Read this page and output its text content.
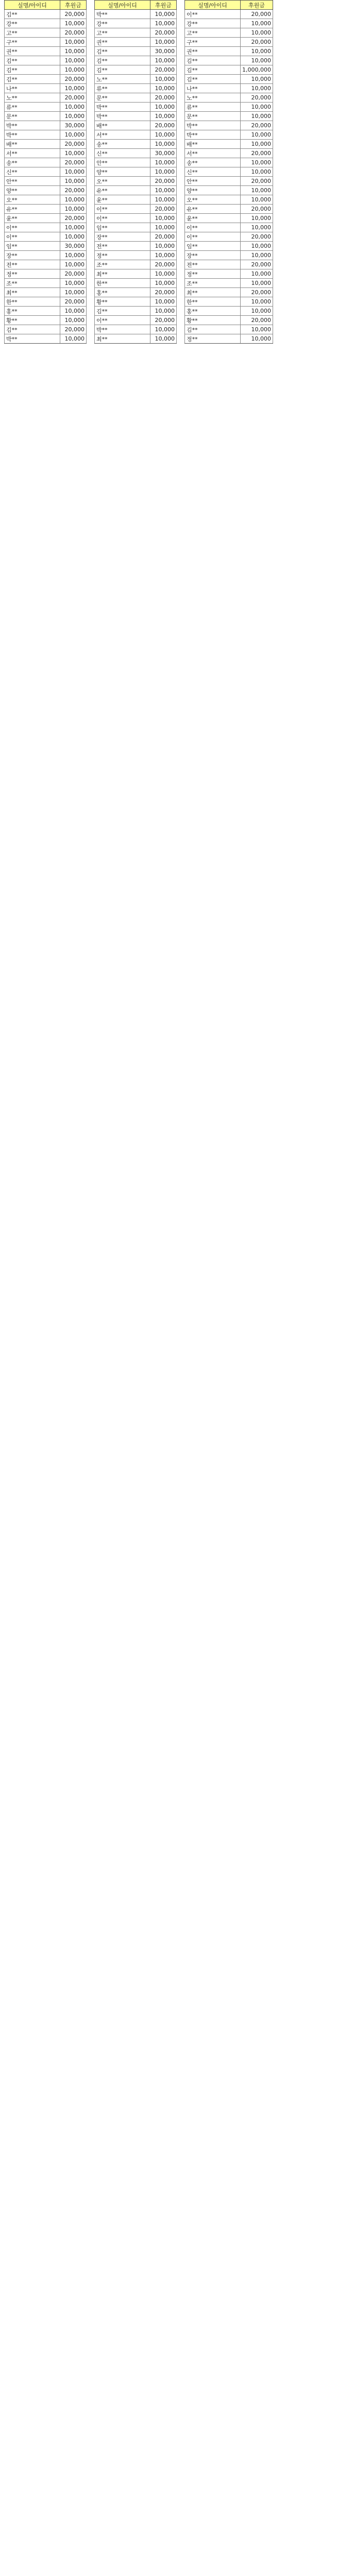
실명/아이디	후원금		실명/아이디	후원금		실명/아이디	후원금
김**	20,000		박**	10,000		이**	20,000
강**	10,000		강**	10,000		강**	10,000
고**	20,000		고**	20,000		고**	10,000
구**	10,000		권**	10,000		구**	20,000
권**	10,000		김**	30,000		권**	10,000
김**	10,000		김**	10,000		김**	10,000
김**	10,000		김**	20,000		김**	1,000,000
김**	20,000		노**	10,000		김**	10,000
나**	10,000		류**	10,000		나**	10,000
노**	20,000		문**	20,000		노**	20,000
류**	10,000		박**	10,000		류**	10,000
문**	10,000		박**	10,000		문**	10,000
박**	30,000		배**	20,000		박**	20,000
박**	10,000		서**	10,000		박**	10,000
배**	20,000		송**	10,000		배**	10,000
서**	10,000		신**	30,000		서**	20,000
송**	20,000		안**	10,000		송**	10,000
신**	10,000		양**	10,000		신**	10,000
안**	10,000		오**	20,000		안**	20,000
양**	20,000		유**	10,000		양**	10,000
오**	10,000		윤**	10,000		오**	10,000
유**	10,000		이**	20,000		유**	20,000
윤**	20,000		이**	10,000		윤**	10,000
이**	10,000		임**	10,000		이**	10,000
이**	10,000		장**	20,000		이**	20,000
임**	30,000		전**	10,000		임**	10,000
장**	10,000		정**	10,000		장**	10,000
전**	10,000		조**	20,000		전**	20,000
정**	20,000		최**	10,000		정**	10,000
조**	10,000		한**	10,000		조**	10,000
최**	10,000		홍**	20,000		최**	20,000
한**	20,000		황**	10,000		한**	10,000
홍**	10,000		김**	10,000		홍**	10,000
황**	10,000		이**	20,000		황**	20,000
김**	20,000		박**	10,000		김**	10,000
박**	10,000		최**	10,000		정**	10,000
